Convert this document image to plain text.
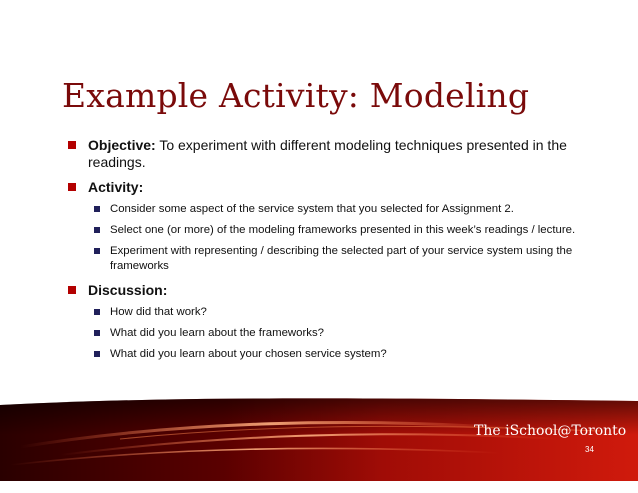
Example Activity: Modeling
Objective: To experiment with different modeling techniques presented in the readings.
Activity:
Consider some aspect of the service system that you selected for Assignment 2.
Select one (or more) of the modeling frameworks presented in this week’s readings / lecture.
Experiment with representing / describing the selected part of your service system using the frameworks
Discussion:
How did that work?
What did you learn about the frameworks?
What did you learn about your chosen service system?
The iSchool@Toronto
34
